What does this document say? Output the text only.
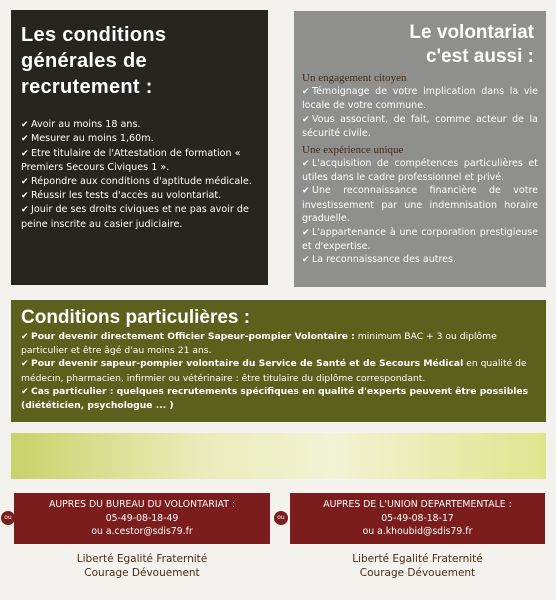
Les conditions
générales de
recrutement :
✔ Avoir au moins 18 ans.
✔ Mesurer au moins 1,60m.
✔ Etre titulaire de l'Attestation de formation « Premiers Secours Civiques 1 ».
✔ Répondre aux conditions d'aptitude médicale.
✔ Réussir les tests d'accès au volontariat.
✔ Jouir de ses droits civiques et ne pas avoir de peine inscrite au casier judiciaire.
Le volontariat
c'est aussi :
Un engagement citoyen
✔ Témoignage de votre implication dans la vie locale de votre commune.
✔ Vous associant, de fait, comme acteur de la sécurité civile.
Une expérience unique
✔ L'acquisition de compétences particulières et utiles dans le cadre professionnel et privé.
✔ Une reconnaissance financière de votre investissement par une indemnisation horaire graduelle.
✔ L'appartenance à une corporation prestigieuse et d'expertise.
✔ La reconnaissance des autres.
Conditions particulières :
✔ Pour devenir directement Officier Sapeur-pompier Volontaire : minimum BAC + 3 ou diplôme particulier et être âgé d'au moins 21 ans.
✔ Pour devenir sapeur-pompier volontaire du Service de Santé et de Secours Médical en qualité de médecin, pharmacien, infirmier ou vétérinaire : être titulaire du diplôme correspondant.
✔ Cas particulier : quelques recrutements spécifiques en qualité d'experts peuvent être possibles (diététicien, psychologue ... )
ou
AUPRES DU BUREAU DU VOLONTARIAT :
05-49-08-18-49
ou a.cestor@sdis79.fr
ou
AUPRES DE L'UNION DEPARTEMENTALE :
05-49-08-18-17
ou a.khoubid@sdis79.fr
Liberté Egalité Fraternité
Courage Dévouement
Liberté Egalité Fraternité
Courage Dévouement
